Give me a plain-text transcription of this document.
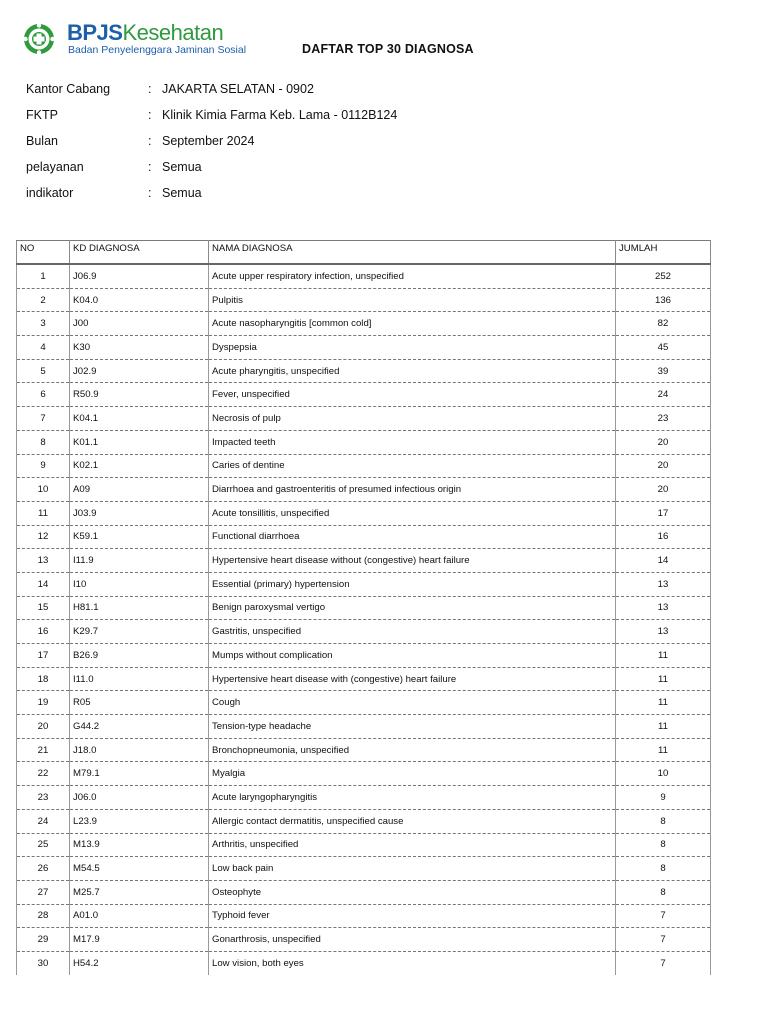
BPJSKesehatan
Badan Penyelenggara Jaminan Sosial	DAFTAR TOP 30 DIAGNOSA
Kantor Cabang	: JAKARTA SELATAN - 0902
FKTP	: Klinik Kimia Farma Keb. Lama - 0112B124
Bulan	: September 2024
pelayanan	: Semua
indikator	: Semua
NO	KD DIAGNOSA	NAMA DIAGNOSA	JUMLAH
1	J06.9	Acute upper respiratory infection, unspecified	252
2	K04.0	Pulpitis	136
3	J00	Acute nasopharyngitis [common cold]	82
4	K30	Dyspepsia	45
5	J02.9	Acute pharyngitis, unspecified	39
6	R50.9	Fever, unspecified	24
7	K04.1	Necrosis of pulp	23
8	K01.1	Impacted teeth	20
9	K02.1	Caries of dentine	20
10	A09	Diarrhoea and gastroenteritis of presumed infectious origin	20
11	J03.9	Acute tonsillitis, unspecified	17
12	K59.1	Functional diarrhoea	16
13	I11.9	Hypertensive heart disease without (congestive) heart failure	14
14	I10	Essential (primary) hypertension	13
15	H81.1	Benign paroxysmal vertigo	13
16	K29.7	Gastritis, unspecified	13
17	B26.9	Mumps without complication	11
18	I11.0	Hypertensive heart disease with (congestive) heart failure	11
19	R05	Cough	11
20	G44.2	Tension-type headache	11
21	J18.0	Bronchopneumonia, unspecified	11
22	M79.1	Myalgia	10
23	J06.0	Acute laryngopharyngitis	9
24	L23.9	Allergic contact dermatitis, unspecified cause	8
25	M13.9	Arthritis, unspecified	8
26	M54.5	Low back pain	8
27	M25.7	Osteophyte	8
28	A01.0	Typhoid fever	7
29	M17.9	Gonarthrosis, unspecified	7
30	H54.2	Low vision, both eyes	7
